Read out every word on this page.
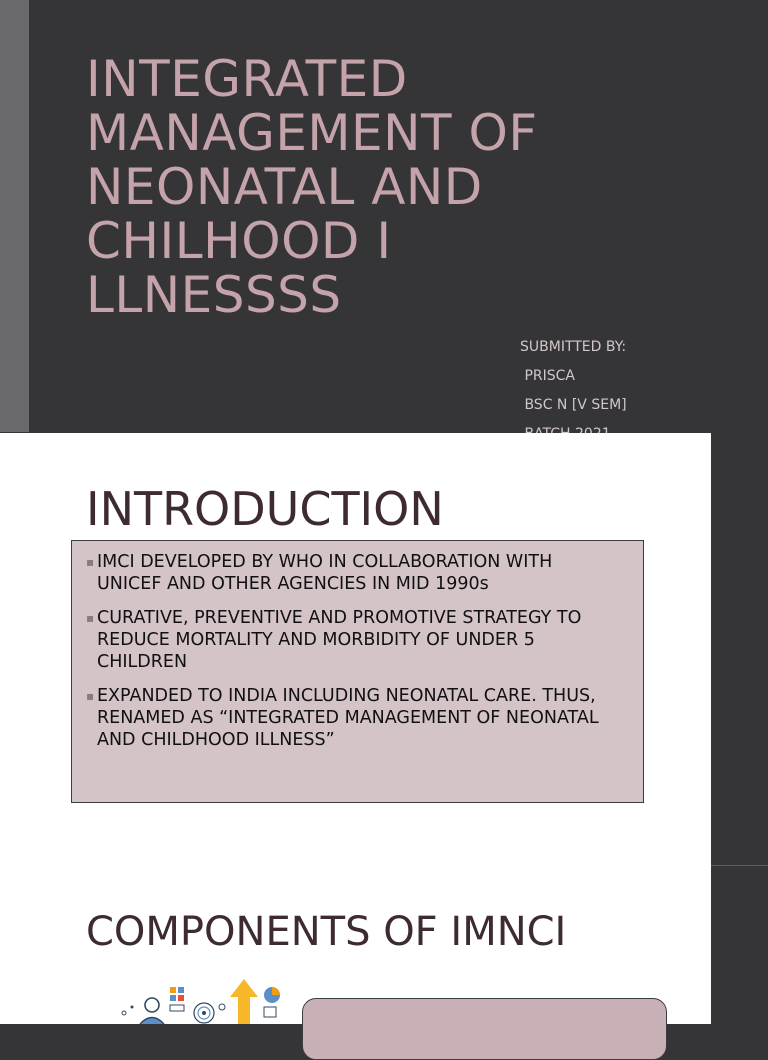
INTEGRATED MANAGEMENT OF NEONATAL AND CHILHOOD I LLNESSSS
SUBMITTED BY:
PRISCA
BSC N [V SEM]
INTRODUCTION
▪ IMCI DEVELOPED BY WHO IN COLLABORATION WITH UNICEF AND OTHER AGENCIES IN MID 1990s
▪ CURATIVE, PREVENTIVE AND PROMOTIVE STRATEGY TO REDUCE MORTALITY AND MORBIDITY OF UNDER 5 CHILDREN
▪ EXPANDED TO INDIA INCLUDING NEONATAL CARE. THUS, RENAMED AS “INTEGRATED MANAGEMENT OF NEONATAL AND CHILDHOOD ILLNESS”
COMPONENTS OF IMNCI
